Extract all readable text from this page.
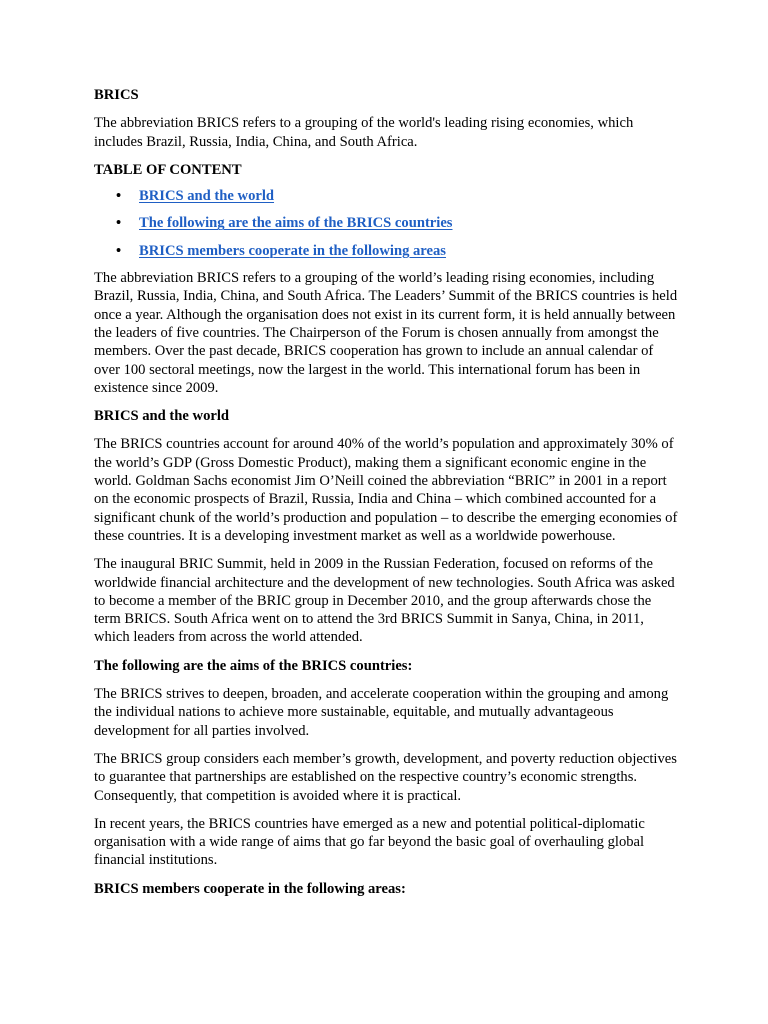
BRICS

The abbreviation BRICS refers to a grouping of the world's leading rising economies, which includes Brazil, Russia, India, China, and South Africa.

TABLE OF CONTENT
• BRICS and the world
• The following are the aims of the BRICS countries
• BRICS members cooperate in the following areas

The abbreviation BRICS refers to a grouping of the world’s leading rising economies, including Brazil, Russia, India, China, and South Africa. The Leaders’ Summit of the BRICS countries is held once a year. Although the organisation does not exist in its current form, it is held annually between the leaders of five countries. The Chairperson of the Forum is chosen annually from amongst the members. Over the past decade, BRICS cooperation has grown to include an annual calendar of over 100 sectoral meetings, now the largest in the world. This international forum has been in existence since 2009.

BRICS and the world

The BRICS countries account for around 40% of the world’s population and approximately 30% of the world’s GDP (Gross Domestic Product), making them a significant economic engine in the world. Goldman Sachs economist Jim O’Neill coined the abbreviation “BRIC” in 2001 in a report on the economic prospects of Brazil, Russia, India and China – which combined accounted for a significant chunk of the world’s production and population – to describe the emerging economies of these countries. It is a developing investment market as well as a worldwide powerhouse.

The inaugural BRIC Summit, held in 2009 in the Russian Federation, focused on reforms of the worldwide financial architecture and the development of new technologies. South Africa was asked to become a member of the BRIC group in December 2010, and the group afterwards chose the term BRICS. South Africa went on to attend the 3rd BRICS Summit in Sanya, China, in 2011, which leaders from across the world attended.

The following are the aims of the BRICS countries:

The BRICS strives to deepen, broaden, and accelerate cooperation within the grouping and among the individual nations to achieve more sustainable, equitable, and mutually advantageous development for all parties involved.

The BRICS group considers each member’s growth, development, and poverty reduction objectives to guarantee that partnerships are established on the respective country’s economic strengths. Consequently, that competition is avoided where it is practical.

In recent years, the BRICS countries have emerged as a new and potential political-diplomatic organisation with a wide range of aims that go far beyond the basic goal of overhauling global financial institutions.

BRICS members cooperate in the following areas:
